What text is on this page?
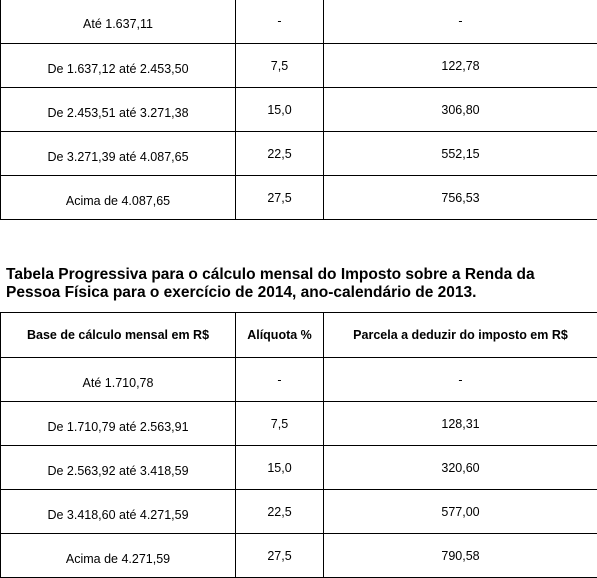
Até 1.637,11	-	-
De 1.637,12 até 2.453,50	7,5	122,78
De 2.453,51 até 3.271,38	15,0	306,80
De 3.271,39 até 4.087,65	22,5	552,15
Acima de 4.087,65	27,5	756,53

Tabela Progressiva para o cálculo mensal do Imposto sobre a Renda da Pessoa Física para o exercício de 2014, ano-calendário de 2013.

Base de cálculo mensal em R$	Alíquota %	Parcela a deduzir do imposto em R$
Até 1.710,78	-	-
De 1.710,79 até 2.563,91	7,5	128,31
De 2.563,92 até 3.418,59	15,0	320,60
De 3.418,60 até 4.271,59	22,5	577,00
Acima de 4.271,59	27,5	790,58
